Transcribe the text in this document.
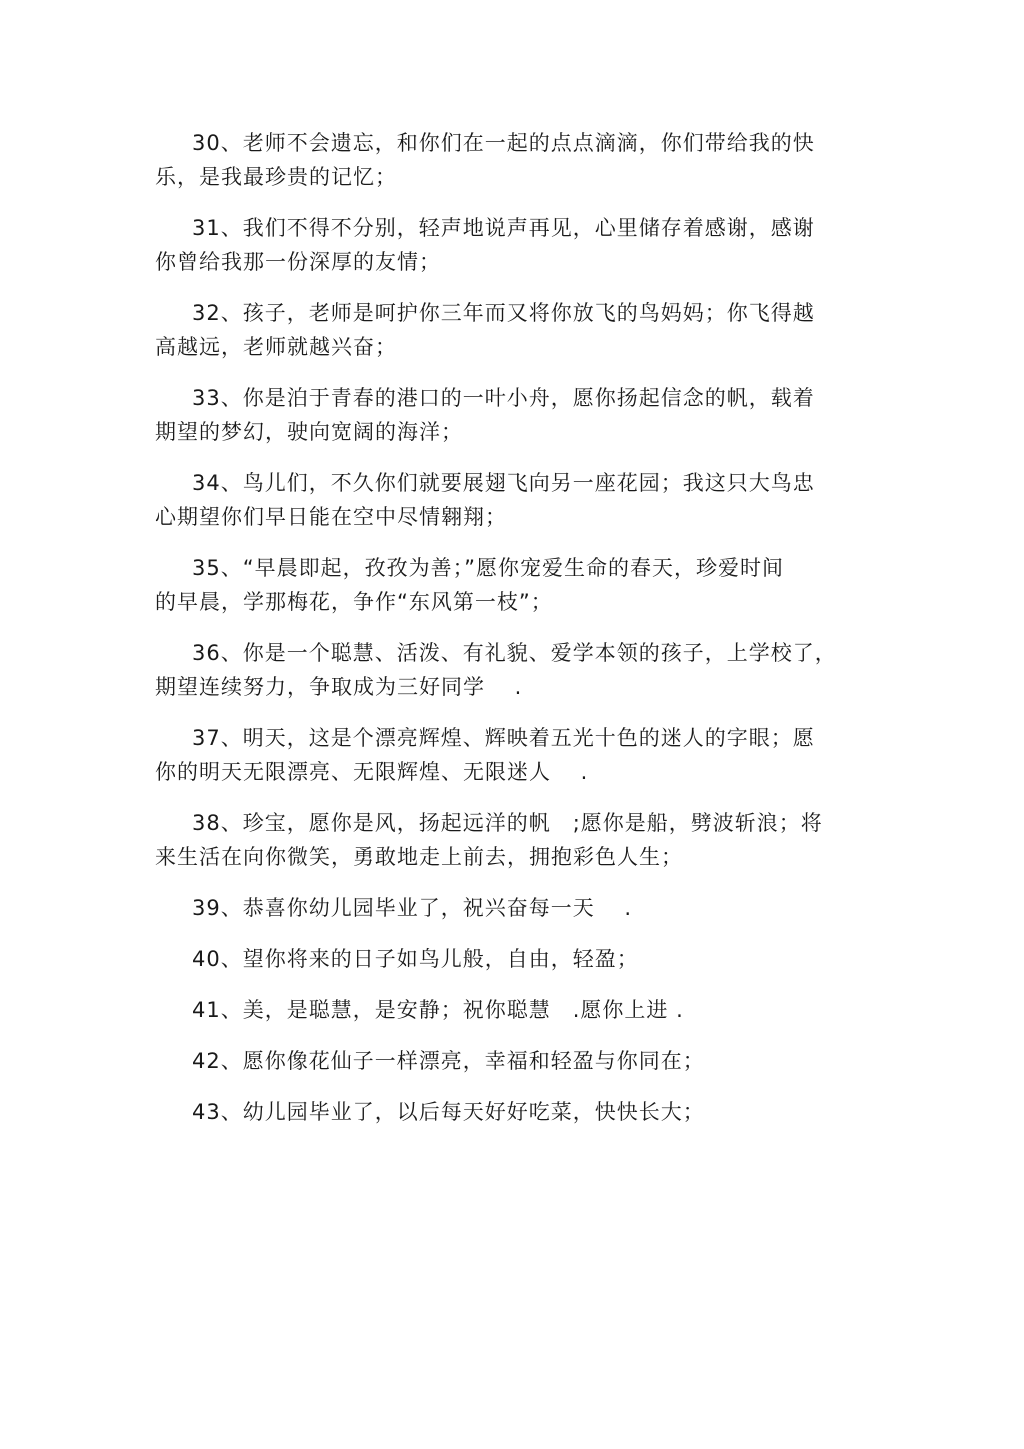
30、老师不会遗忘，和你们在一起的点点滴滴，你们带给我的快
乐，是我最珍贵的记忆；
31、我们不得不分别，轻声地说声再见，心里储存着感谢，感谢
你曾给我那一份深厚的友情；
32、孩子，老师是呵护你三年而又将你放飞的鸟妈妈；你飞得越
高越远，老师就越兴奋；
33、你是泊于青春的港口的一叶小舟，愿你扬起信念的帆，载着
期望的梦幻，驶向宽阔的海洋；
34、鸟儿们，不久你们就要展翅飞向另一座花园；我这只大鸟忠
心期望你们早日能在空中尽情翱翔；
35、“早晨即起，孜孜为善；”愿你宠爱生命的春天，珍爱时间
的早晨，学那梅花，争作“东风第一枝”；
36、你是一个聪慧、活泼、有礼貌、爱学本领的孩子，上学校了，
期望连续努力，争取成为三好同学　 .
37、明天，这是个漂亮辉煌、辉映着五光十色的迷人的字眼；愿
你的明天无限漂亮、无限辉煌、无限迷人　 .
38、珍宝，愿你是风，扬起远洋的帆　;愿你是船，劈波斩浪；将
来生活在向你微笑，勇敢地走上前去，拥抱彩色人生；
39、恭喜你幼儿园毕业了，祝兴奋每一天　 .
40、望你将来的日子如鸟儿般，自由，轻盈；
41、美，是聪慧，是安静；祝你聪慧　.愿你上进 .
42、愿你像花仙子一样漂亮，幸福和轻盈与你同在；
43、幼儿园毕业了，以后每天好好吃菜，快快长大；
